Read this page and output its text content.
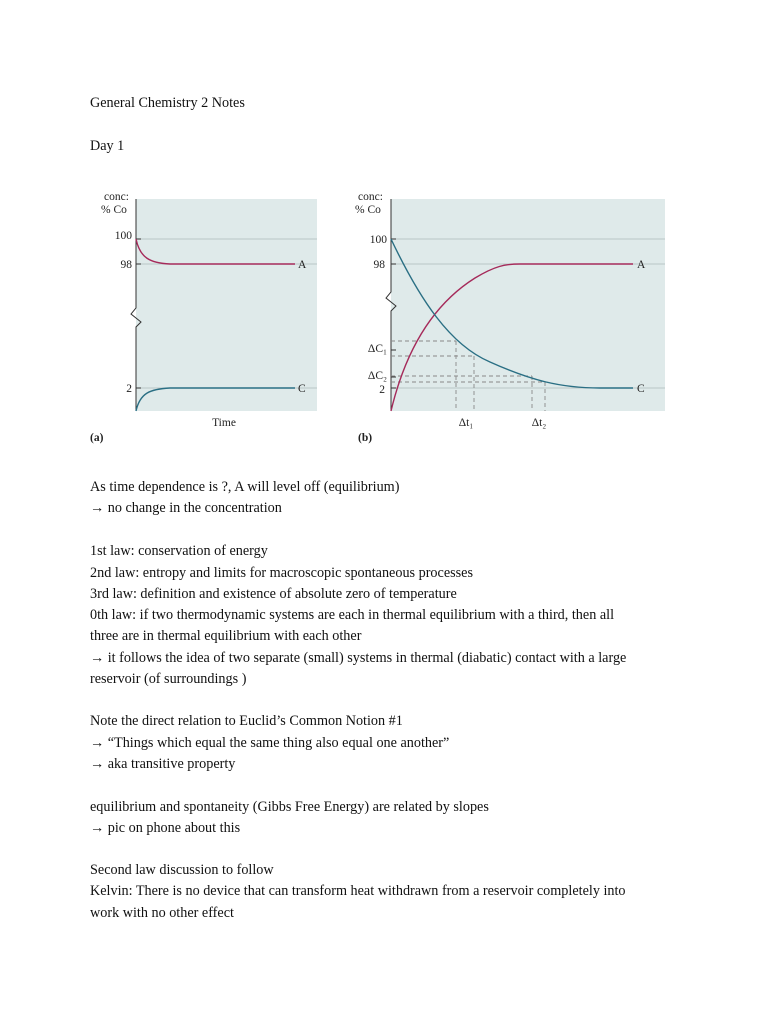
General Chemistry 2 Notes
Day 1
conc:
% Co
100
98
2
A
C
Time
(a)
conc:
% Co
100
98
2
ΔC₁
ΔC₂
A
C
Δt₁	Δt₂
(b)
As time dependence is ?, A will level off (equilibrium)
→ no change in the concentration
1st law: conservation of energy
2nd law: entropy and limits for macroscopic spontaneous processes
3rd law: definition and existence of absolute zero of temperature
0th law: if two thermodynamic systems are each in thermal equilibrium with a third, then all
three are in thermal equilibrium with each other
→ it follows the idea of two separate (small) systems in thermal (diabatic) contact with a large
reservoir (of surroundings )
Note the direct relation to Euclid’s Common Notion #1
→ “Things which equal the same thing also equal one another”
→ aka transitive property
equilibrium and spontaneity (Gibbs Free Energy) are related by slopes
→ pic on phone about this
Second law discussion to follow
Kelvin: There is no device that can transform heat withdrawn from a reservoir completely into
work with no other effect
